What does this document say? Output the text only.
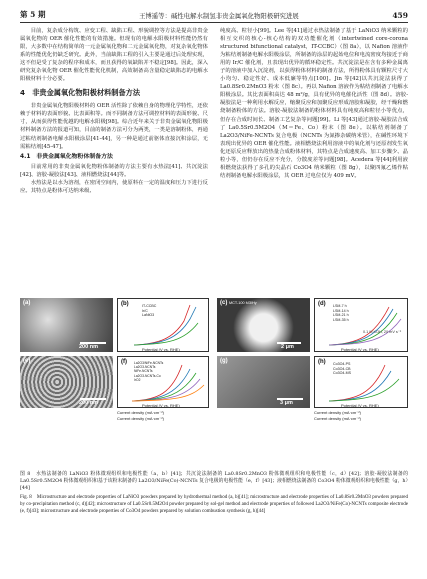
第 5 期	王博遥等：碱性电解水制氢非贵金属氧化物阳极研究进展	459

目前，复杂成分构筑、应变工程、缺陷工程、形貌调控等方法是提高非贵金属氧化物的 OER 催化性能的有效措施。但现有的电解水阳极材料性能仍然有限，大多数中在结构简单的一元金属氧化物和二元金属氧化物，对复杂氧化物体系的性能优化仍缺乏研究。此外，当前缺陷工程的引入主要是通过后处理实现，这不但是受了复杂的程序和成本，而且获得的氧缺陷并不稳定[98]。因此，深入研究复杂氧化物 OER 催化性能优化机制，高效制备高含量稳定缺陷态的电解水阳极材料十分必要。

4　非贵金属氧化物阳极材料制备方法

非贵金属氧化物阳极材料的 OER 活性除了依赖自身的物理化学特性，还依赖于材料的表面形貌、比表面积等。而不同制备方法可调控材料的表面形貌、尺寸，从而获得性能优越的电解水阳极[98]。综合近年来关于非贵金属氧化物阳极材料制备方法的报道可知，目前的制备方法可分为两类，一类是溶制粉体，再通过粘结剂制备电解水阳极涂层[41-44]，另一种是通过前驱体直接沉积涂层，无需粘结剂[45-47]。

4.1　非贵金属氧化物粉体制备方法

目前常用的非贵金属氧化物粉体制备的方法主要有水热法[41]、共沉淀法[42]、溶胶-凝胶法[43]、液相燃烧法[44]等。

水热法是以水为溶剂，在密闭空间内，使原料在一定的温度和压力下进行反应。其特点是粉体可达纳米级、

纯度高、粒径小[99]。Lee 等[41]通过水热法制备了基于 LaNiO3 纳米颗粒的相互交织的核心-核心结构的双功能催化剂（intertwined core-corona structured bifunctional catalyst，IT-CCBC）（图 8a），以 Nafion 溶液作为粘结剂制备电解水阳极涂层，所制备的涂层的起始电位和电流密度均接近于商用的 Ir/C 催化剂，且表现出优异的循环稳定性。共沉淀法是在含有多种金属离子的溶液中加入沉淀剂，以获得粉体材料的制备方法，所得粉体具有颗粒尺寸大小均匀、稳定性好、成本低廉等特点[100]。Jin 等[42]以共沉淀法获得了 La0.8Sr0.2MnO3 粉末（图 8c）。再以 Nafion 溶液作为粘结剂制备了电解水阳极涂层。其比表面积高达 48 m²/g，具有优异的电催化活性（图 8d）。溶胶-凝胶法是一种利用水解反应，缩聚反应和加聚反应形成溶胶和凝胶，经干燥和燃烧制备粉体的方法。溶胶-凝胶法制备的粉体材料具有纯度高和粒径小等优点，但存在合成时间长、制备工艺复杂等问题[99]。Li 等[43]通过溶胶-凝胶法合成了 La0.5Sr0.5M2O4（M＝Fe、Co）粉末（图 8e）。以粘结剂制备了 La2O3/NiFe-NCNTs 复合电极（NCNTs 为氮掺杂碳纳米管），在碱性环境下表现出优异的 OER 催化性能。液相燃烧法利用溶液中的氧化剂与还原剂发生氧化还原反应释放出的热量合成粉体材料，其特点是合成速度高、加工步骤少、晶粒小等，但仍存在反应不充分，分散度差等问题[98]。Acedera 等[44]利用液相燃烧法获得了多孔的尖晶石 Co3O4 纳米颗粒（图 8g），以聚四氟乙烯作粘结剂制备电解水阳极涂层，其 OER 过电位仅为 409 mV。

(a)
200 nm
(b)	IT-CCBC
Ir/C
LaNiO3
Potential (V vs. RHE)
(c) MCT-100 M3/Hy
2 μm
(d) LSM-7 h
LSM-14 h
LSM-21 h
LSM-35 h
0.1 M KOH, 20 mV s⁻¹
Potential (V vs. RHE)
(e)
200 nm
(f) La2O3/NiFe-NCNTs
La2O3-NCNTs
NiFe-NCNTs
La2O3-NCNTs-Co
IrO2
Potential (V vs. RHE)
(g)
3 μm
(h) Co3O4-PS
Co3O4-CB
Co3O4-MS
Potential (V vs. RHE)
Current density (mA·cm⁻²)	Current density (mA·cm⁻²)
Current density (mA·cm⁻²)	Current density (mA·cm⁻²)
图 8　水热法制备的 LaNiO3 粉体微观组织和电极性能（a，b）[41]；共沉淀法制备的 La0.8Sr0.2MnO3 粉体微观组织和电极性能（c，d）[42]；溶胶-凝胶法制备的 La0.5Sr0.5M2O4 粉体微观组织和基于该粉末制备的 La2O3/NiFe(Co)-NCNTs 复合电极的电极性能（e，f）[43]；液相燃烧法制备的 Co3O4 粉体微观组织和电极性能（g，h）[44]
Fig. 8　Microstructure and electrode properties of LaNiO3 powders prepared by hydrothermal method (a, b)[41]; microstructure and electrode properties of La0.8Sr0.2MnO3 powders prepared by co-precipitation method (c, d)[42]; microstructure of La0.5Sr0.5M2O4 powder prepared by sol-gel method and electrode properties of followed La2O3/NiFe(Co)-NCNTs composite electrode (e, f)[43]; microstructure and electrode properties of Co3O4 powders prepared by solution combustion synthesis (g, h)[44]
